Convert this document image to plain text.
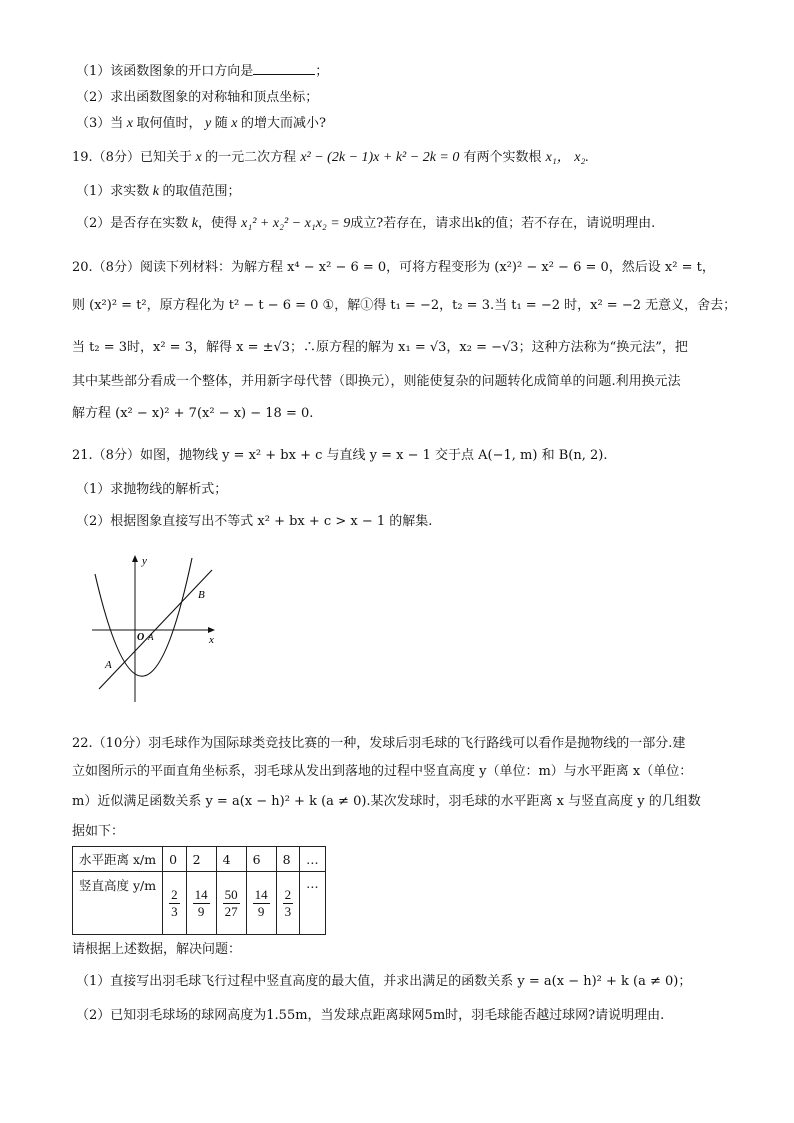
（1）该函数图象的开口方向是	；
（2）求出函数图象的对称轴和顶点坐标；
（3）当 x 取何值时， y 随 x 的增大而减小?
19.（8分）已知关于 x 的一元二次方程 x² − (2k − 1)x + k² − 2k = 0 有两个实数根 x₁， x₂.
（1）求实数 k 的取值范围；
（2）是否存在实数 k，使得 x₁² + x₂² − x₁x₂ = 9成立?若存在，请求出k的值；若不存在，请说明理由.
20.（8分）阅读下列材料：为解方程 x⁴ − x² − 6 = 0，可将方程变形为 (x²)² − x² − 6 = 0，然后设 x² = t，
则 (x²)² = t²，原方程化为 t² − t − 6 = 0 ①，解①得 t₁ = −2，t₂ = 3.当 t₁ = −2 时，x² = −2 无意义，舍去；
当 t₂ = 3时，x² = 3，解得 x = ±√3；∴原方程的解为 x₁ = √3，x₂ = −√3；这种方法称为“换元法”，把
其中某些部分看成一个整体，并用新字母代替（即换元），则能使复杂的问题转化成简单的问题.利用换元法
解方程 (x² − x)² + 7(x² − x) − 18 = 0.
21.（8分）如图，抛物线 y = x² + bx + c 与直线 y = x − 1 交于点 A(−1, m) 和 B(n, 2).
（1）求抛物线的解析式；
（2）根据图象直接写出不等式 x² + bx + c > x − 1 的解集.
y
x
O A
A
B
22.（10分）羽毛球作为国际球类竞技比赛的一种，发球后羽毛球的飞行路线可以看作是抛物线的一部分.建
立如图所示的平面直角坐标系，羽毛球从发出到落地的过程中竖直高度 y（单位：m）与水平距离 x（单位：
m）近似满足函数关系 y = a(x − h)² + k (a ≠ 0).某次发球时，羽毛球的水平距离 x 与竖直高度 y 的几组数
据如下：
水平距离 x/m	0	2	4	6	8	…
竖直高度 y/m	$\frac{2}{3}$	$\frac{14}{9}$	$\frac{50}{27}$	$\frac{14}{9}$	$\frac{2}{3}$	…
请根据上述数据，解决问题：
（1）直接写出羽毛球飞行过程中竖直高度的最大值，并求出满足的函数关系 y = a(x − h)² + k (a ≠ 0)；
（2）已知羽毛球场的球网高度为1.55m，当发球点距离球网5m时，羽毛球能否越过球网?请说明理由.
